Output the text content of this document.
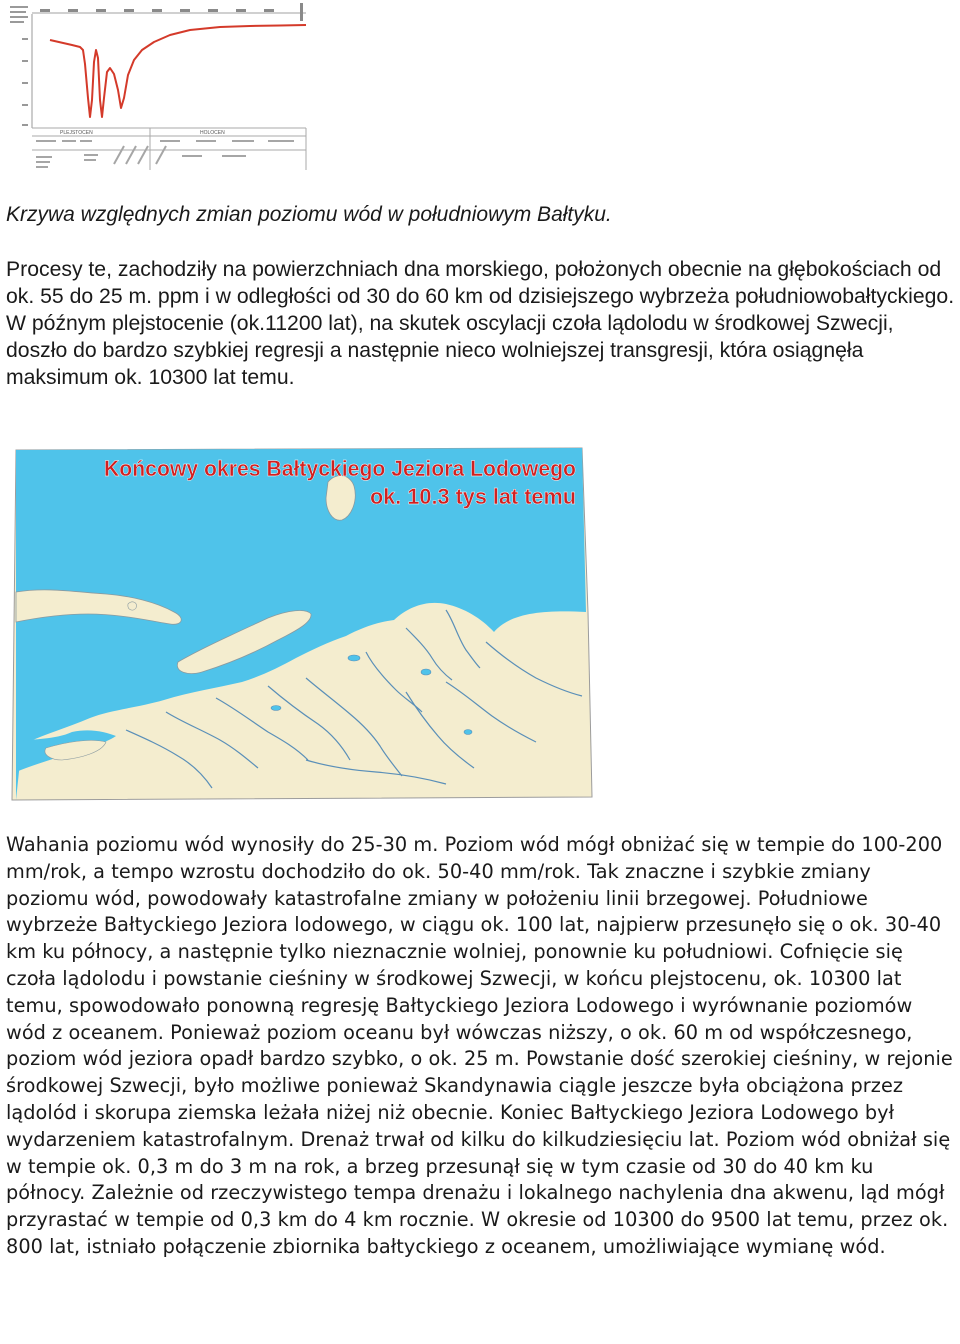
PLEJSTOCEN	HOLOCEN

Krzywa względnych zmian poziomu wód w południowym Bałtyku.

Procesy te, zachodziły na powierzchniach dna morskiego, położonych obecnie na głębokościach od ok. 55 do 25 m. ppm i w odległości od 30 do 60 km od dzisiejszego wybrzeża południowobałtyckiego. W późnym plejstocenie (ok.11200 lat), na skutek oscylacji czoła lądolodu w środkowej Szwecji, doszło do bardzo szybkiej regresji a następnie nieco wolniejszej transgresji, która osiągnęła maksimum ok. 10300 lat temu.

Końcowy okres Bałtyckiego Jeziora Lodowego
ok. 10.3 tys lat temu

Wahania poziomu wód wynosiły do 25-30 m. Poziom wód mógł obniżać się w tempie do 100-200 mm/rok, a tempo wzrostu dochodziło do ok. 50-40 mm/rok. Tak znaczne i szybkie zmiany poziomu wód, powodowały katastrofalne zmiany w położeniu linii brzegowej. Południowe wybrzeże Bałtyckiego Jeziora lodowego, w ciągu ok. 100 lat, najpierw przesunęło się o ok. 30-40 km ku północy, a następnie tylko nieznacznie wolniej, ponownie ku południowi. Cofnięcie się czoła lądolodu i powstanie cieśniny w środkowej Szwecji, w końcu plejstocenu, ok. 10300 lat temu, spowodowało ponowną regresję Bałtyckiego Jeziora Lodowego i wyrównanie poziomów wód z oceanem. Ponieważ poziom oceanu był wówczas niższy, o ok. 60 m od współczesnego, poziom wód jeziora opadł bardzo szybko, o ok. 25 m. Powstanie dość szerokiej cieśniny, w rejonie środkowej Szwecji, było możliwe ponieważ Skandynawia ciągle jeszcze była obciążona przez lądolód i skorupa ziemska leżała niżej niż obecnie. Koniec Bałtyckiego Jeziora Lodowego był wydarzeniem katastrofalnym. Drenaż trwał od kilku do kilkudziesięciu lat. Poziom wód obniżał się w tempie ok. 0,3 m do 3 m na rok, a brzeg przesunął się w tym czasie od 30 do 40 km ku północy. Zależnie od rzeczywistego tempa drenażu i lokalnego nachylenia dna akwenu, ląd mógł przyrastać w tempie od 0,3 km do 4 km rocznie. W okresie od 10300 do 9500 lat temu, przez ok. 800 lat, istniało połączenie zbiornika bałtyckiego z oceanem, umożliwiające wymianę wód.
